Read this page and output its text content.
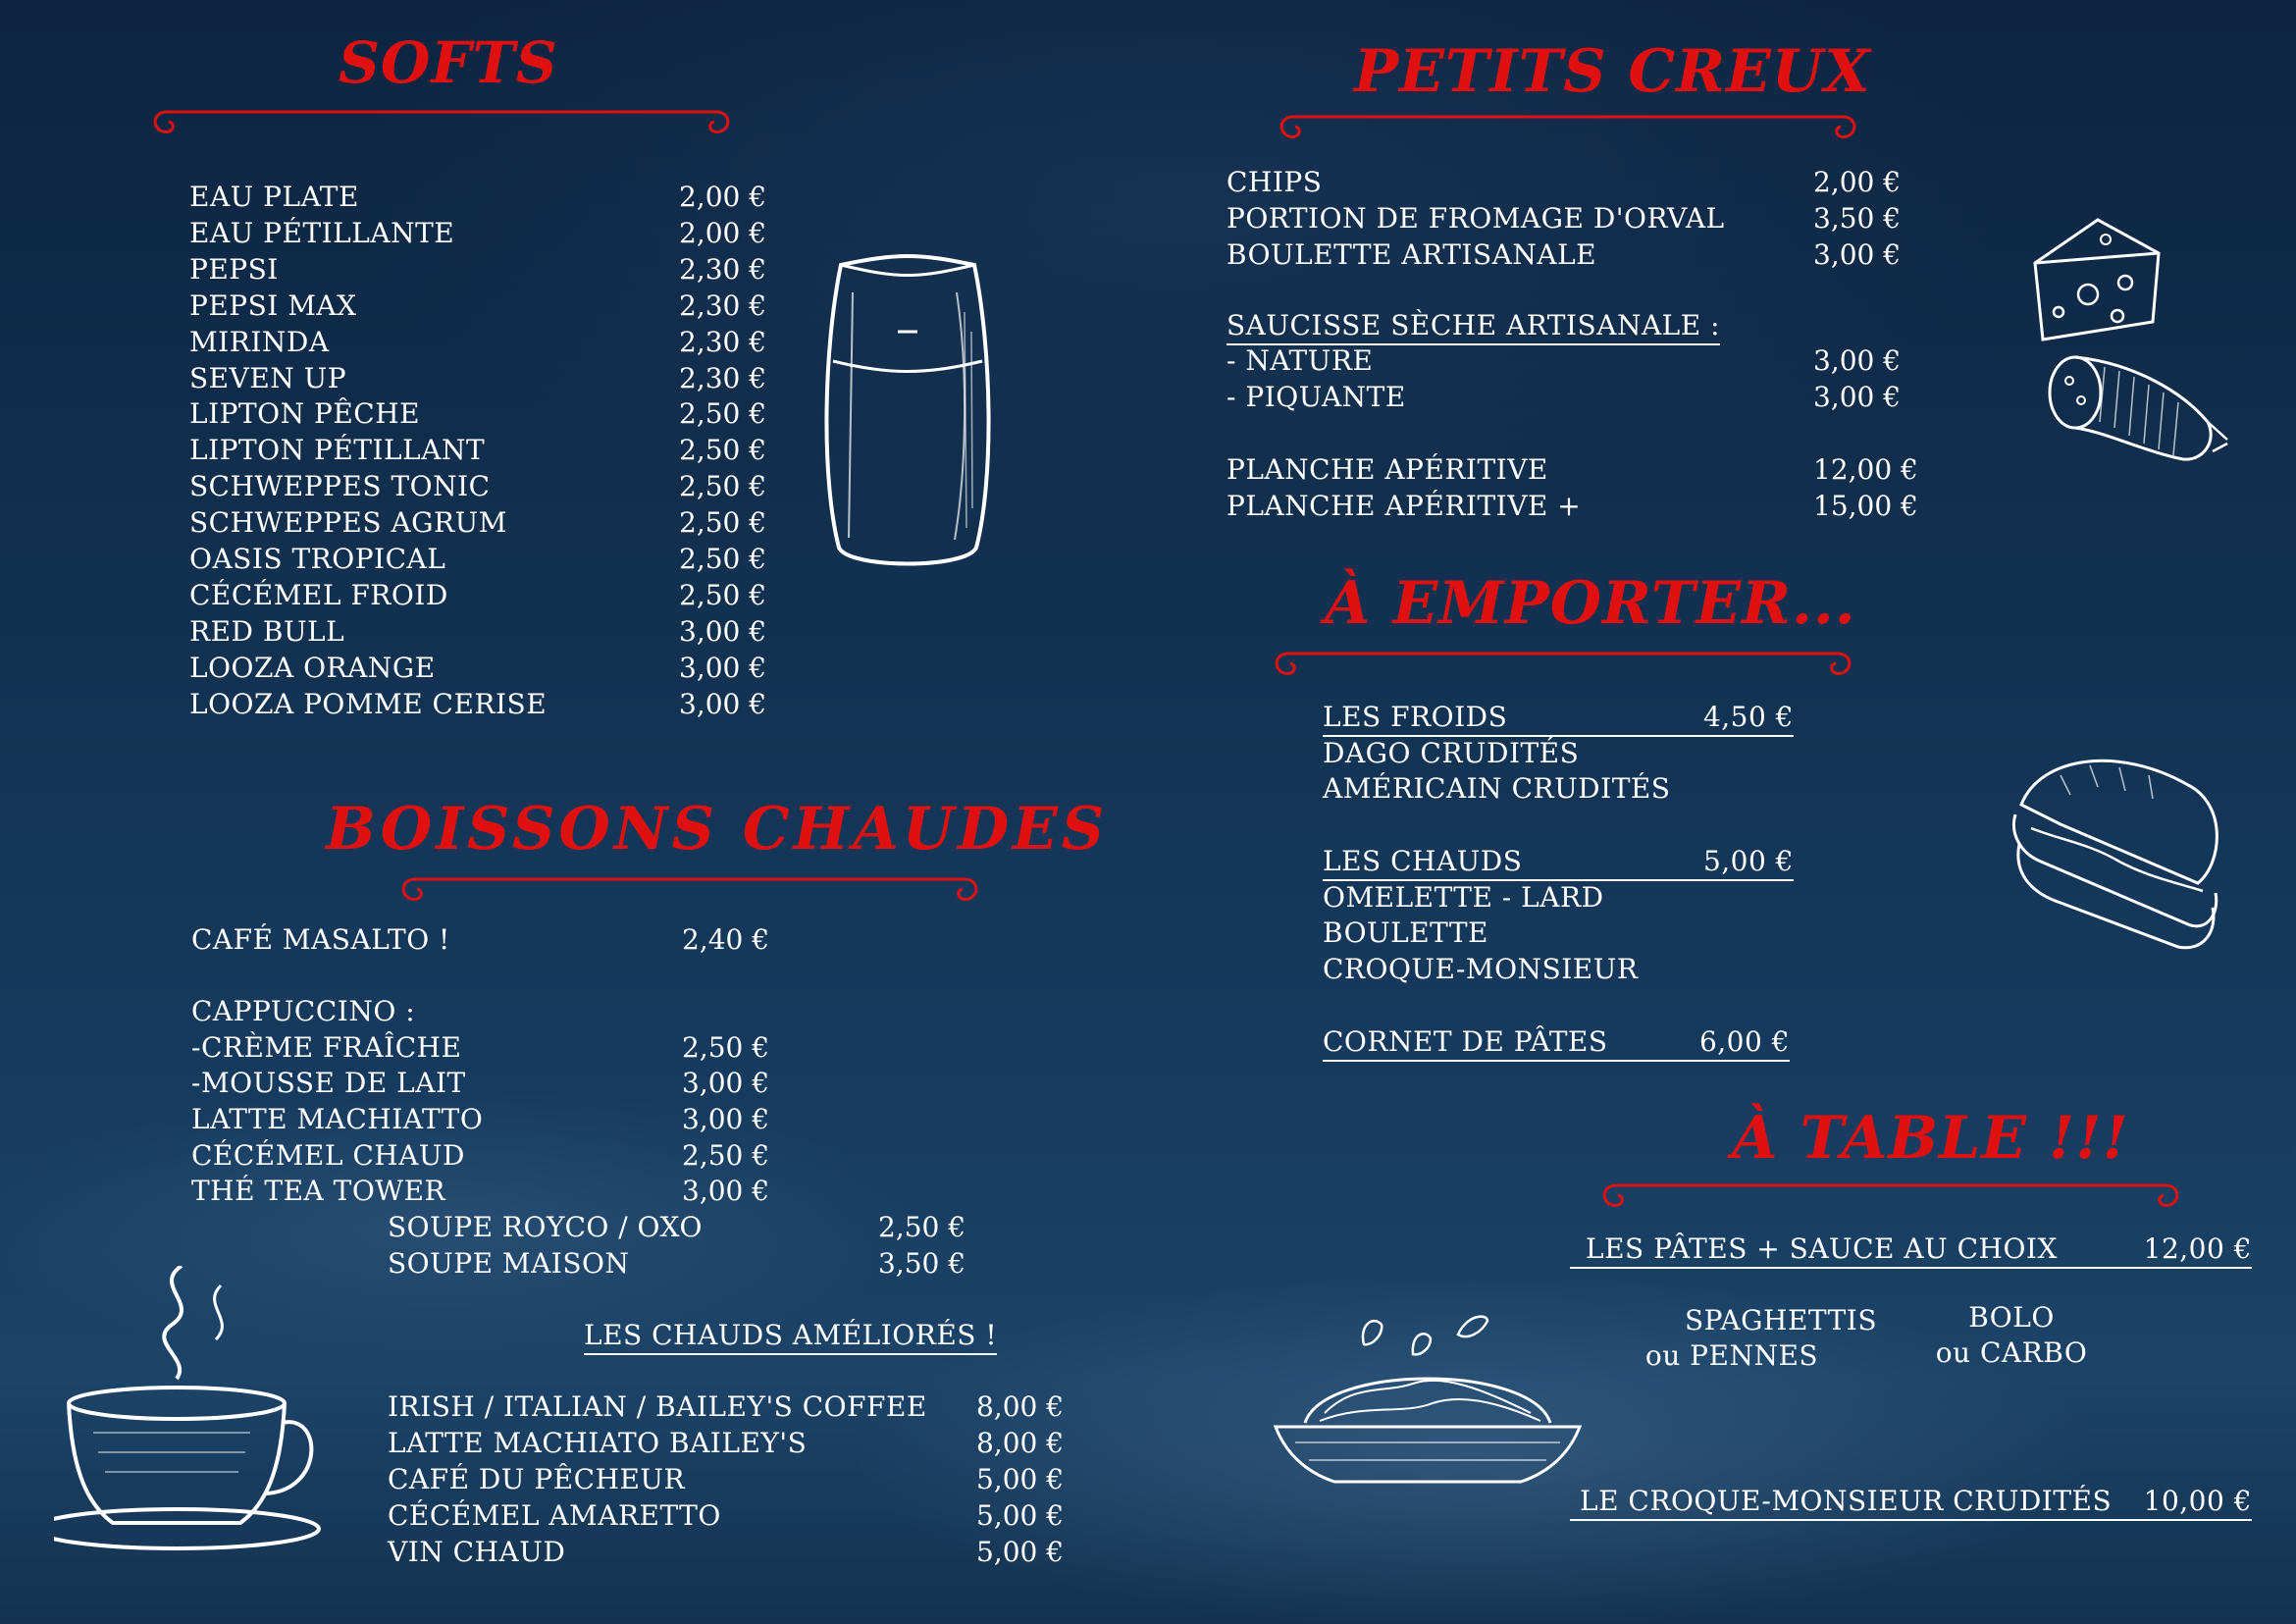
SOFTS
EAU PLATE	2,00 €
EAU PÉTILLANTE	2,00 €
PEPSI	2,30 €
PEPSI MAX	2,30 €
MIRINDA	2,30 €
SEVEN UP	2,30 €
LIPTON PÊCHE	2,50 €
LIPTON PÉTILLANT	2,50 €
SCHWEPPES TONIC	2,50 €
SCHWEPPES AGRUM	2,50 €
OASIS TROPICAL	2,50 €
CÉCÉMEL FROID	2,50 €
RED BULL	3,00 €
LOOZA ORANGE	3,00 €
LOOZA POMME CERISE	3,00 €
BOISSONS CHAUDES
CAFÉ MASALTO !	2,40 €
CAPPUCCINO :
-CRÈME FRAÎCHE	2,50 €
-MOUSSE DE LAIT	3,00 €
LATTE MACHIATTO	3,00 €
CÉCÉMEL CHAUD	2,50 €
THÉ TEA TOWER	3,00 €
SOUPE ROYCO / OXO	2,50 €
SOUPE MAISON	3,50 €
LES CHAUDS AMÉLIORÉS !
IRISH / ITALIAN / BAILEY'S COFFEE 8,00 €
LATTE MACHIATO BAILEY'S	8,00 €
CAFÉ DU PÊCHEUR	5,00 €
CÉCÉMEL AMARETTO	5,00 €
VIN CHAUD	5,00 €
PETITS CREUX
CHIPS	2,00 €
PORTION DE FROMAGE D'ORVAL	3,50 €
BOULETTE ARTISANALE	3,00 €
SAUCISSE SÈCHE ARTISANALE :
- NATURE	3,00 €
- PIQUANTE	3,00 €
PLANCHE APÉRITIVE	12,00 €
PLANCHE APÉRITIVE +	15,00 €
À EMPORTER...
LES FROIDS	4,50 €
DAGO CRUDITÉS
AMÉRICAIN CRUDITÉS
LES CHAUDS	5,00 €
OMELETTE - LARD
BOULETTE
CROQUE-MONSIEUR
CORNET DE PÂTES	6,00 €
À TABLE !!!
LES PÂTES + SAUCE AU CHOIX	12,00 €
SPAGHETTIS
ou PENNES
BOLO
ou CARBO
LE CROQUE-MONSIEUR CRUDITÉS 10,00 €
